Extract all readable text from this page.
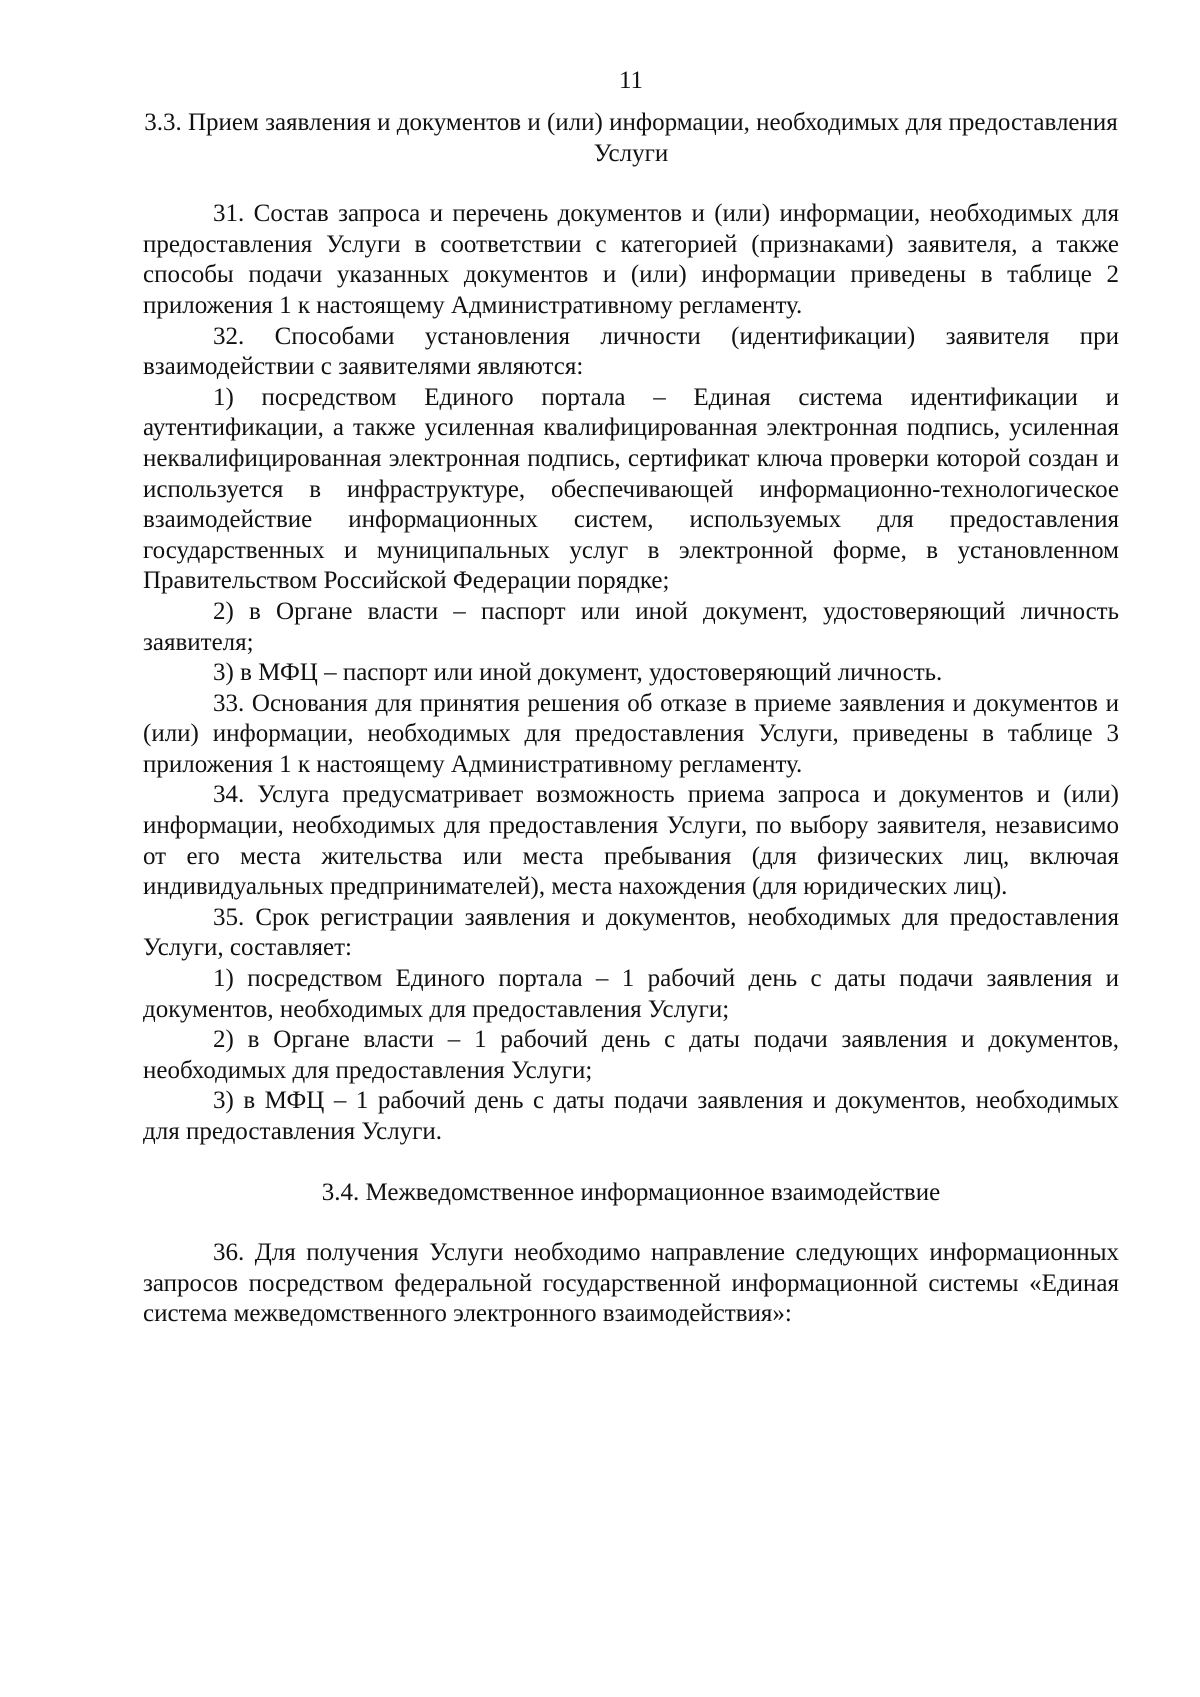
11
3.3. Прием заявления и документов и (или) информации, необходимых для предоставления Услуги

31. Состав запроса и перечень документов и (или) информации, необходимых для предоставления Услуги в соответствии с категорией (признаками) заявителя, а также способы подачи указанных документов и (или) информации приведены в таблице 2 приложения 1 к настоящему Административному регламенту.

32. Способами установления личности (идентификации) заявителя при взаимодействии с заявителями являются:

1) посредством Единого портала – Единая система идентификации и аутентификации, а также усиленная квалифицированная электронная подпись, усиленная неквалифицированная электронная подпись, сертификат ключа проверки которой создан и используется в инфраструктуре, обеспечивающей информационно-технологическое взаимодействие информационных систем, используемых для предоставления государственных и муниципальных услуг в электронной форме, в установленном Правительством Российской Федерации порядке;

2) в Органе власти – паспорт или иной документ, удостоверяющий личность заявителя;

3) в МФЦ – паспорт или иной документ, удостоверяющий личность.

33. Основания для принятия решения об отказе в приеме заявления и документов и (или) информации, необходимых для предоставления Услуги, приведены в таблице 3 приложения 1 к настоящему Административному регламенту.

34. Услуга предусматривает возможность приема запроса и документов и (или) информации, необходимых для предоставления Услуги, по выбору заявителя, независимо от его места жительства или места пребывания (для физических лиц, включая индивидуальных предпринимателей), места нахождения (для юридических лиц).

35. Срок регистрации заявления и документов, необходимых для предоставления Услуги, составляет:

1) посредством Единого портала – 1 рабочий день с даты подачи заявления и документов, необходимых для предоставления Услуги;

2) в Органе власти – 1 рабочий день с даты подачи заявления и документов, необходимых для предоставления Услуги;

3) в МФЦ – 1 рабочий день с даты подачи заявления и документов, необходимых для предоставления Услуги.

3.4. Межведомственное информационное взаимодействие

36. Для получения Услуги необходимо направление следующих информационных запросов посредством федеральной государственной информационной системы «Единая система межведомственного электронного взаимодействия»:
